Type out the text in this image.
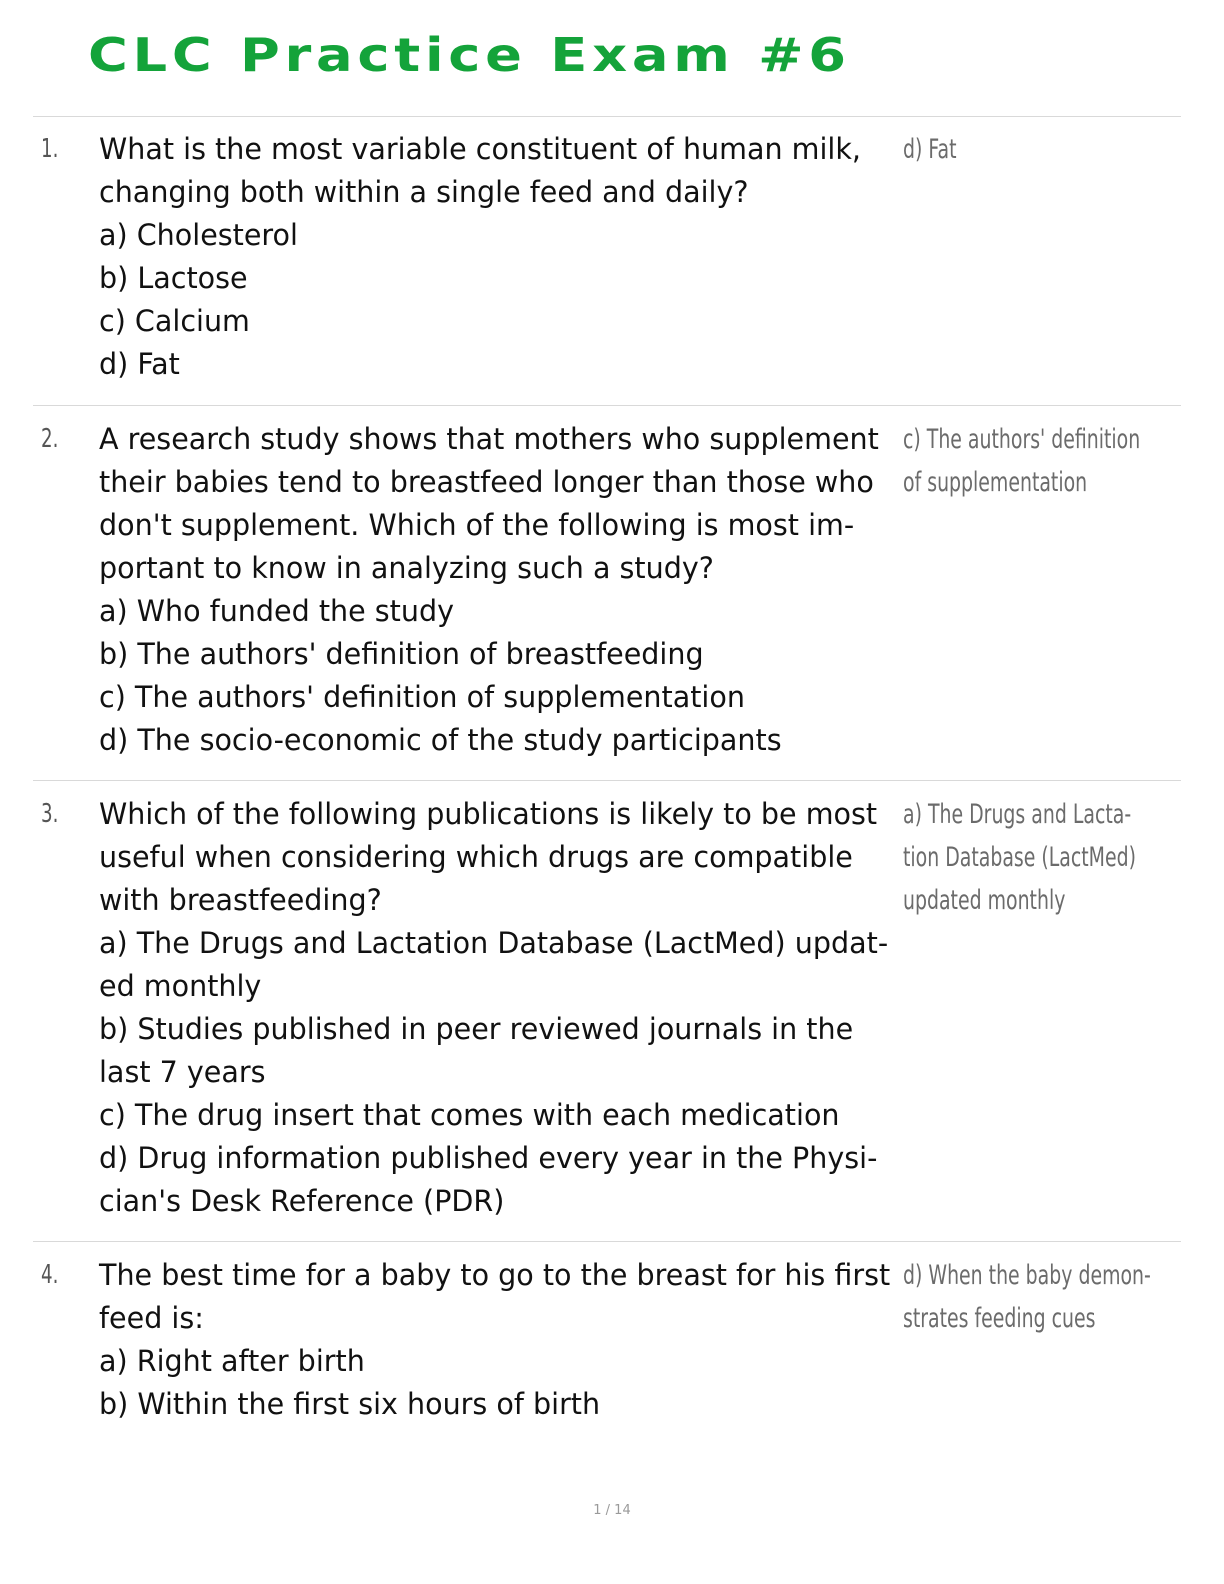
CLC Practice Exam #6
1. What is the most variable constituent of human milk,
changing both within a single feed and daily?
a) Cholesterol
b) Lactose
c) Calcium
d) Fat
d) Fat
2. A research study shows that mothers who supplement
their babies tend to breastfeed longer than those who
don't supplement. Which of the following is most im-
portant to know in analyzing such a study?
a) Who funded the study
b) The authors' definition of breastfeeding
c) The authors' definition of supplementation
d) The socio-economic of the study participants
c) The authors' definition
of supplementation
3. Which of the following publications is likely to be most
useful when considering which drugs are compatible
with breastfeeding?
a) The Drugs and Lactation Database (LactMed) updat-
ed monthly
b) Studies published in peer reviewed journals in the
last 7 years
c) The drug insert that comes with each medication
d) Drug information published every year in the Physi-
cian's Desk Reference (PDR)
a) The Drugs and Lacta-
tion Database (LactMed)
updated monthly
4. The best time for a baby to go to the breast for his first
feed is:
a) Right after birth
b) Within the first six hours of birth
d) When the baby demon-
strates feeding cues
1 / 14
